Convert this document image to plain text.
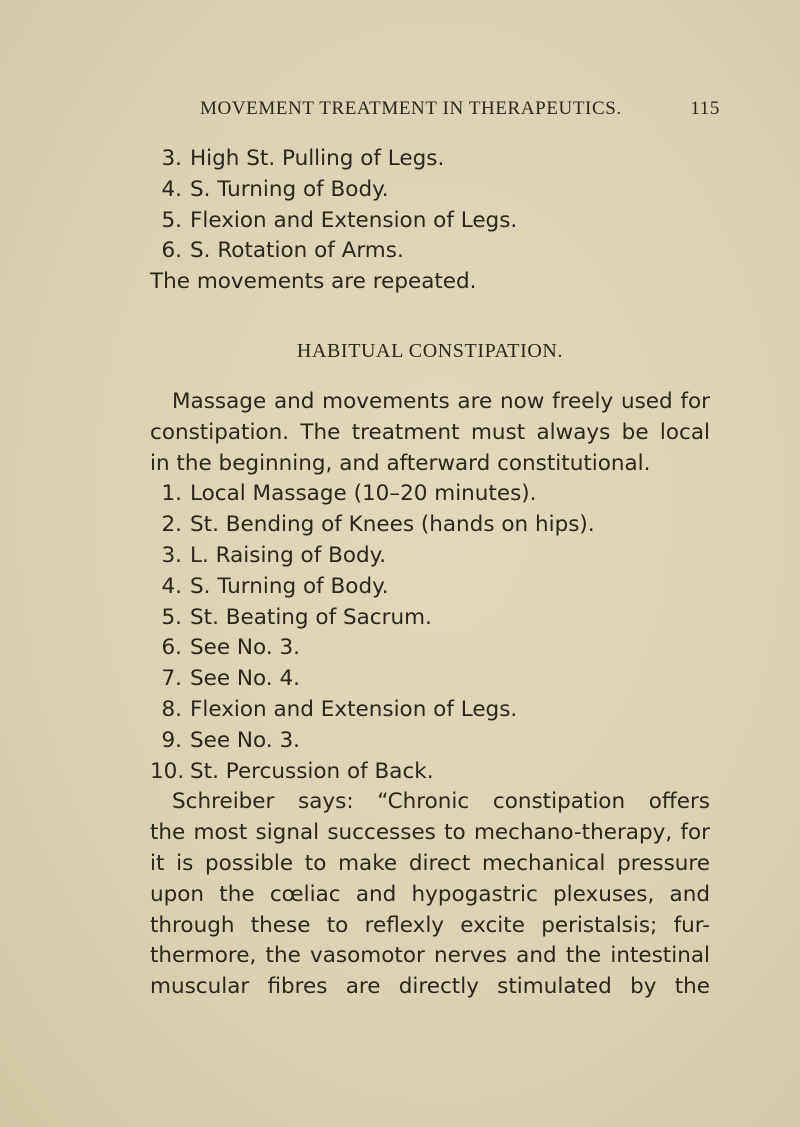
MOVEMENT TREATMENT IN THERAPEUTICS.	115
3. High St. Pulling of Legs.
4. S. Turning of Body.
5. Flexion and Extension of Legs.
6. S. Rotation of Arms.
The movements are repeated.
HABITUAL CONSTIPATION.
Massage and movements are now freely used for
constipation. The treatment must always be local
in the beginning, and afterward constitutional.
1. Local Massage (10–20 minutes).
2. St. Bending of Knees (hands on hips).
3. L. Raising of Body.
4. S. Turning of Body.
5. St. Beating of Sacrum.
6. See No. 3.
7. See No. 4.
8. Flexion and Extension of Legs.
9. See No. 3.
10. St. Percussion of Back.
Schreiber says: “Chronic constipation offers
the most signal successes to mechano-therapy, for
it is possible to make direct mechanical pressure
upon the cœliac and hypogastric plexuses, and
through these to reflexly excite peristalsis; fur-
thermore, the vasomotor nerves and the intestinal
muscular fibres are directly stimulated by the
